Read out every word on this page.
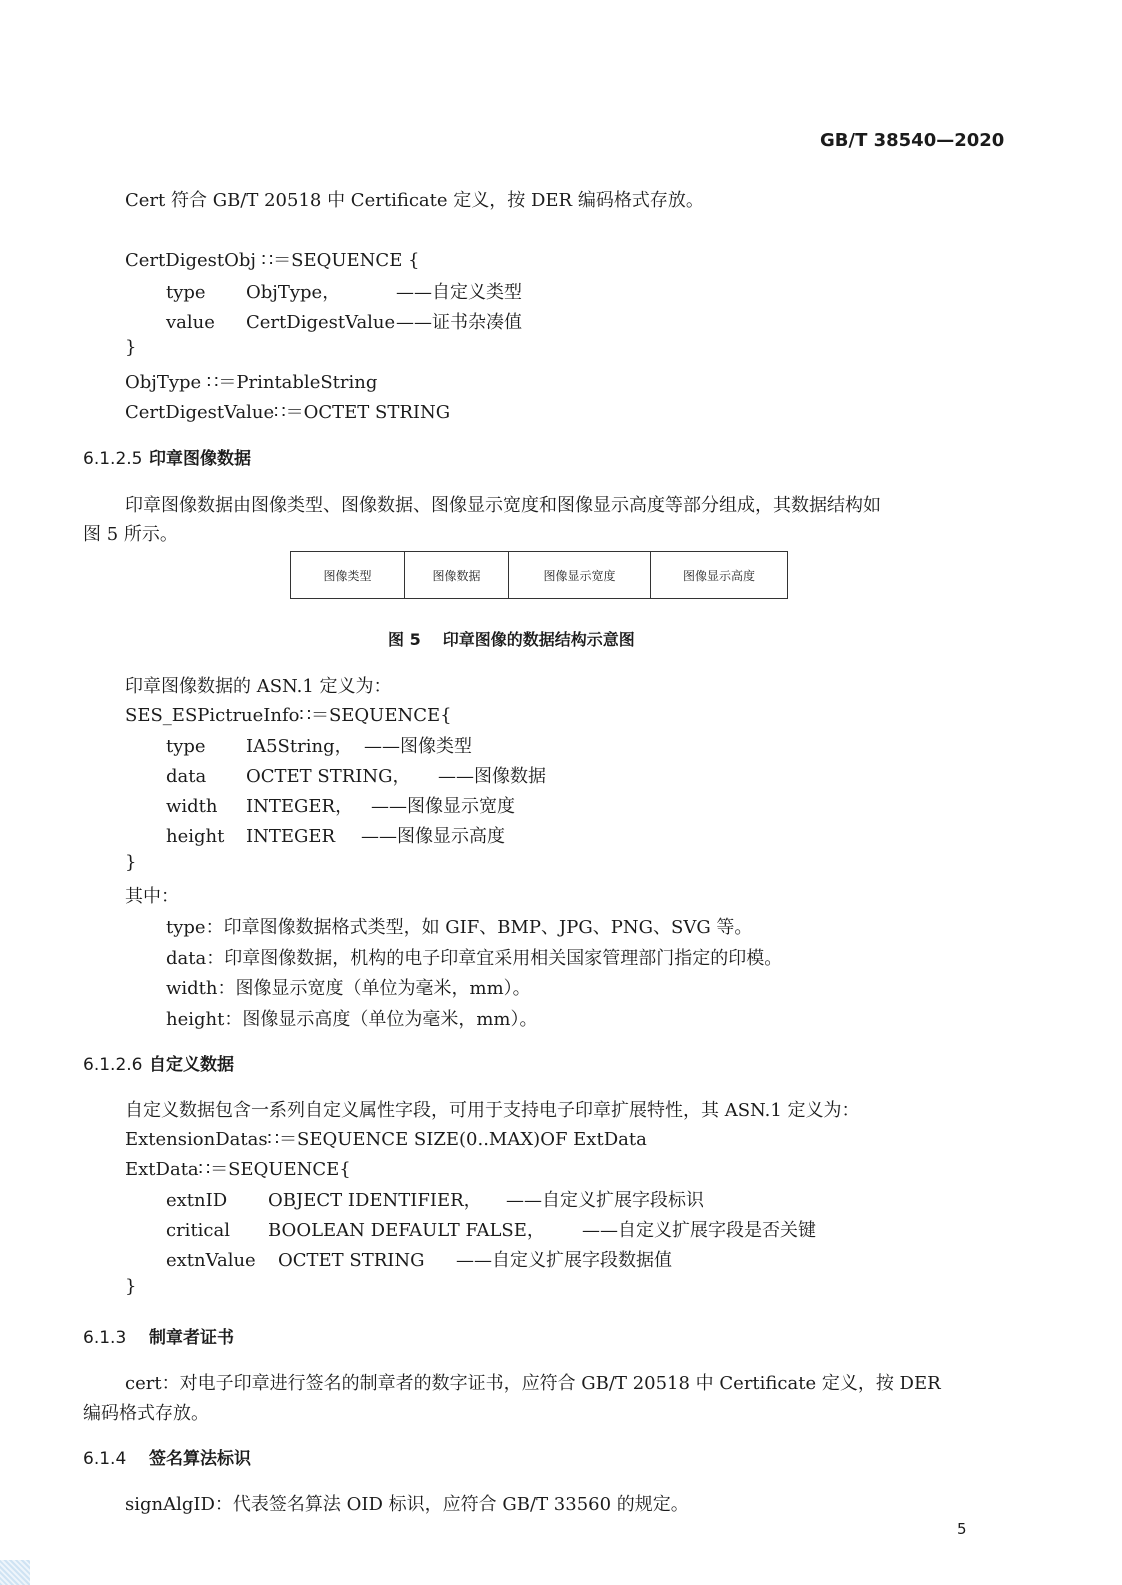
GB/T 38540—2020
Cert 符合 GB/T 20518 中 Certificate 定义，按 DER 编码格式存放。
CertDigestObj ∷＝SEQUENCE {
type ObjType，	——自定义类型
value CertDigestValue——证书杂凑值
}
ObjType ∷＝PrintableString
CertDigestValue∷＝OCTET STRING
6.1.2.5 印章图像数据
印章图像数据由图像类型、图像数据、图像显示宽度和图像显示高度等部分组成，其数据结构如
图 5 所示。
图像类型	图像数据	图像显示宽度	图像显示高度
图 5 印章图像的数据结构示意图
印章图像数据的 ASN.1 定义为：
SES_ESPictrueInfo∷＝SEQUENCE{
type IA5String， ——图像类型
data OCTET STRING， ——图像数据
width INTEGER， ——图像显示宽度
height INTEGER ——图像显示高度
}
其中：
type：印章图像数据格式类型，如 GIF、BMP、JPG、PNG、SVG 等。
data：印章图像数据，机构的电子印章宜采用相关国家管理部门指定的印模。
width：图像显示宽度（单位为毫米，mm）。
height：图像显示高度（单位为毫米，mm）。
6.1.2.6 自定义数据
自定义数据包含一系列自定义属性字段，可用于支持电子印章扩展特性，其 ASN.1 定义为：
ExtensionDatas∷＝SEQUENCE SIZE(0..MAX)OF ExtData
ExtData∷＝SEQUENCE{
extnID OBJECT IDENTIFIER， ——自定义扩展字段标识
critical BOOLEAN DEFAULT FALSE， ——自定义扩展字段是否关键
extnValue OCTET STRING ——自定义扩展字段数据值
}
6.1.3 制章者证书
cert：对电子印章进行签名的制章者的数字证书，应符合 GB/T 20518 中 Certificate 定义，按 DER
编码格式存放。
6.1.4 签名算法标识
signAlgID：代表签名算法 OID 标识，应符合 GB/T 33560 的规定。
5
